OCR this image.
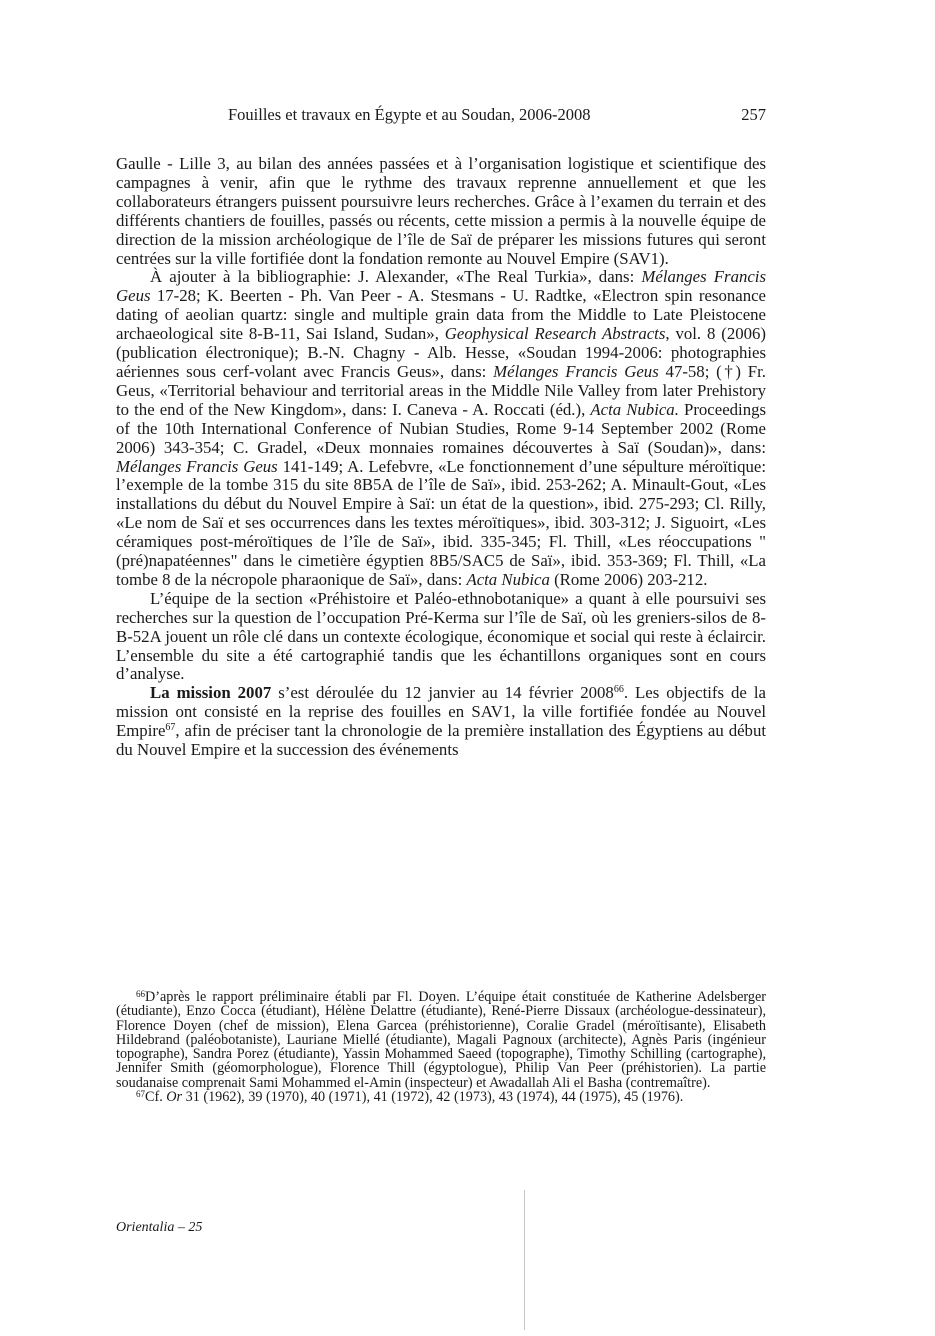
Fouilles et travaux en Égypte et au Soudan, 2006-2008	257

Gaulle - Lille 3, au bilan des années passées et à l’organisation logistique et scientifique des campagnes à venir, afin que le rythme des travaux reprenne annuellement et que les collaborateurs étrangers puissent poursuivre leurs recherches. Grâce à l’examen du terrain et des différents chantiers de fouilles, passés ou récents, cette mission a permis à la nouvelle équipe de direction de la mission archéologique de l’île de Saï de préparer les missions futures qui seront centrées sur la ville fortifiée dont la fondation remonte au Nouvel Empire (SAV1).

À ajouter à la bibliographie: J. Alexander, «The Real Turkia», dans: Mélanges Francis Geus 17-28; K. Beerten - Ph. Van Peer - A. Stesmans - U. Radtke, «Electron spin resonance dating of aeolian quartz: single and multiple grain data from the Middle to Late Pleistocene archaeological site 8-B-11, Sai Island, Sudan», Geophysical Research Abstracts, vol. 8 (2006) (publication électronique); B.-N. Chagny - Alb. Hesse, «Soudan 1994-2006: photographies aériennes sous cerf-volant avec Francis Geus», dans: Mélanges Francis Geus 47-58; (†) Fr. Geus, «Territorial behaviour and territorial areas in the Middle Nile Valley from later Prehistory to the end of the New Kingdom», dans: I. Caneva - A. Roccati (éd.), Acta Nubica. Proceedings of the 10th International Conference of Nubian Studies, Rome 9-14 September 2002 (Rome 2006) 343-354; C. Gradel, «Deux monnaies romaines découvertes à Saï (Soudan)», dans: Mélanges Francis Geus 141-149; A. Lefebvre, «Le fonctionnement d’une sépulture méroïtique: l’exemple de la tombe 315 du site 8B5A de l’île de Saï», ibid. 253-262; A. Minault-Gout, «Les installations du début du Nouvel Empire à Saï: un état de la question», ibid. 275-293; Cl. Rilly, «Le nom de Saï et ses occurrences dans les textes méroïtiques», ibid. 303-312; J. Siguoirt, «Les céramiques post-méroïtiques de l’île de Saï», ibid. 335-345; Fl. Thill, «Les réoccupations "(pré)napatéennes" dans le cimetière égyptien 8B5/SAC5 de Saï», ibid. 353-369; Fl. Thill, «La tombe 8 de la nécropole pharaonique de Saï», dans: Acta Nubica (Rome 2006) 203-212.

L’équipe de la section «Préhistoire et Paléo-ethnobotanique» a quant à elle poursuivi ses recherches sur la question de l’occupation Pré-Kerma sur l’île de Saï, où les greniers-silos de 8-B-52A jouent un rôle clé dans un contexte écologique, économique et social qui reste à éclaircir. L’ensemble du site a été cartographié tandis que les échantillons organiques sont en cours d’analyse.

La mission 2007 s’est déroulée du 12 janvier au 14 février 2008$^{66}$. Les objectifs de la mission ont consisté en la reprise des fouilles en SAV1, la ville fortifiée fondée au Nouvel Empire$^{67}$, afin de préciser tant la chronologie de la première installation des Égyptiens au début du Nouvel Empire et la succession des événements

$^{66}$D’après le rapport préliminaire établi par Fl. Doyen. L’équipe était constituée de Katherine Adelsberger (étudiante), Enzo Cocca (étudiant), Hélène Delattre (étudiante), René-Pierre Dissaux (archéologue-dessinateur), Florence Doyen (chef de mission), Elena Garcea (préhistorienne), Coralie Gradel (méroïtisante), Elisabeth Hildebrand (paléobotaniste), Lauriane Miellé (étudiante), Magali Pagnoux (architecte), Agnès Paris (ingénieur topographe), Sandra Porez (étudiante), Yassin Mohammed Saeed (topographe), Timothy Schilling (cartographe), Jennifer Smith (géomorphologue), Florence Thill (égyptologue), Philip Van Peer (préhistorien). La partie soudanaise comprenait Sami Mohammed el-Amin (inspecteur) et Awadallah Ali el Basha (contremaître).

$^{67}$Cf. Or 31 (1962), 39 (1970), 40 (1971), 41 (1972), 42 (1973), 43 (1974), 44 (1975), 45 (1976).

Orientalia – 25
